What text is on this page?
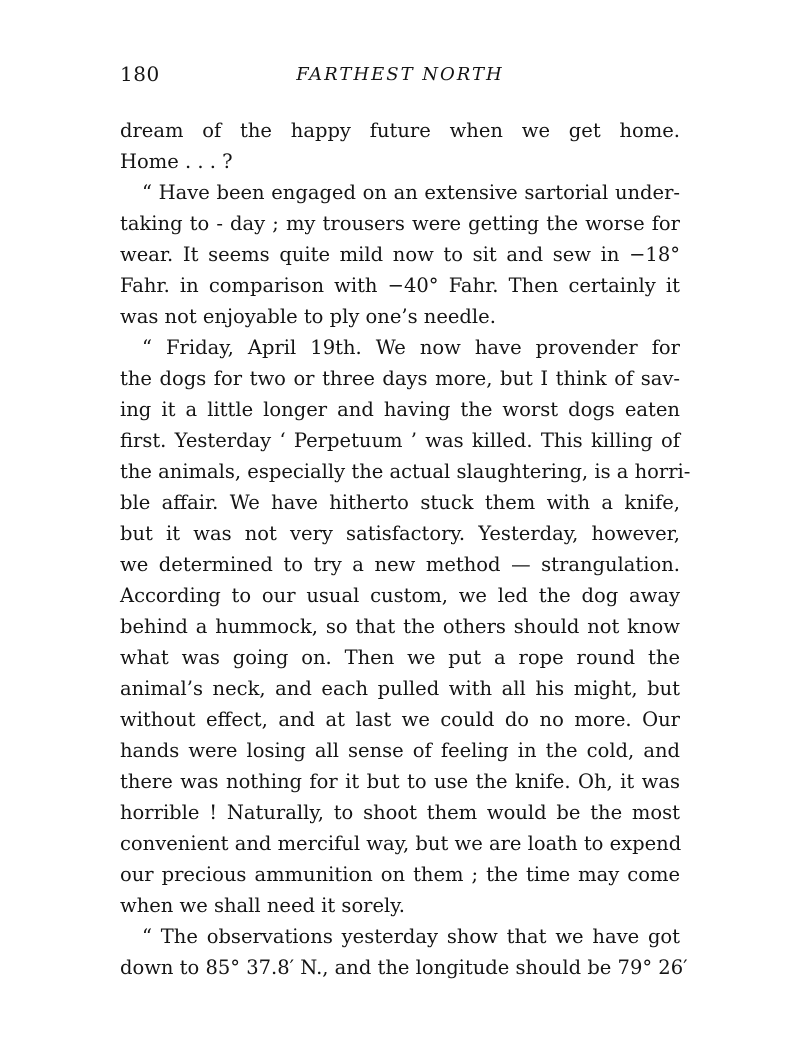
180	FARTHEST NORTH
dream of the happy future when we get home.
Home . . . ?
“ Have been engaged on an extensive sartorial under-
taking to - day ; my trousers were getting the worse for
wear. It seems quite mild now to sit and sew in −18°
Fahr. in comparison with −40° Fahr. Then certainly it
was not enjoyable to ply one’s needle.
“ Friday, April 19th. We now have provender for
the dogs for two or three days more, but I think of sav-
ing it a little longer and having the worst dogs eaten
first. Yesterday ‘ Perpetuum ’ was killed. This killing of
the animals, especially the actual slaughtering, is a horri-
ble affair. We have hitherto stuck them with a knife,
but it was not very satisfactory. Yesterday, however,
we determined to try a new method — strangulation.
According to our usual custom, we led the dog away
behind a hummock, so that the others should not know
what was going on. Then we put a rope round the
animal’s neck, and each pulled with all his might, but
without effect, and at last we could do no more. Our
hands were losing all sense of feeling in the cold, and
there was nothing for it but to use the knife. Oh, it was
horrible ! Naturally, to shoot them would be the most
convenient and merciful way, but we are loath to expend
our precious ammunition on them ; the time may come
when we shall need it sorely.
“ The observations yesterday show that we have got
down to 85° 37.8′ N., and the longitude should be 79° 26′
